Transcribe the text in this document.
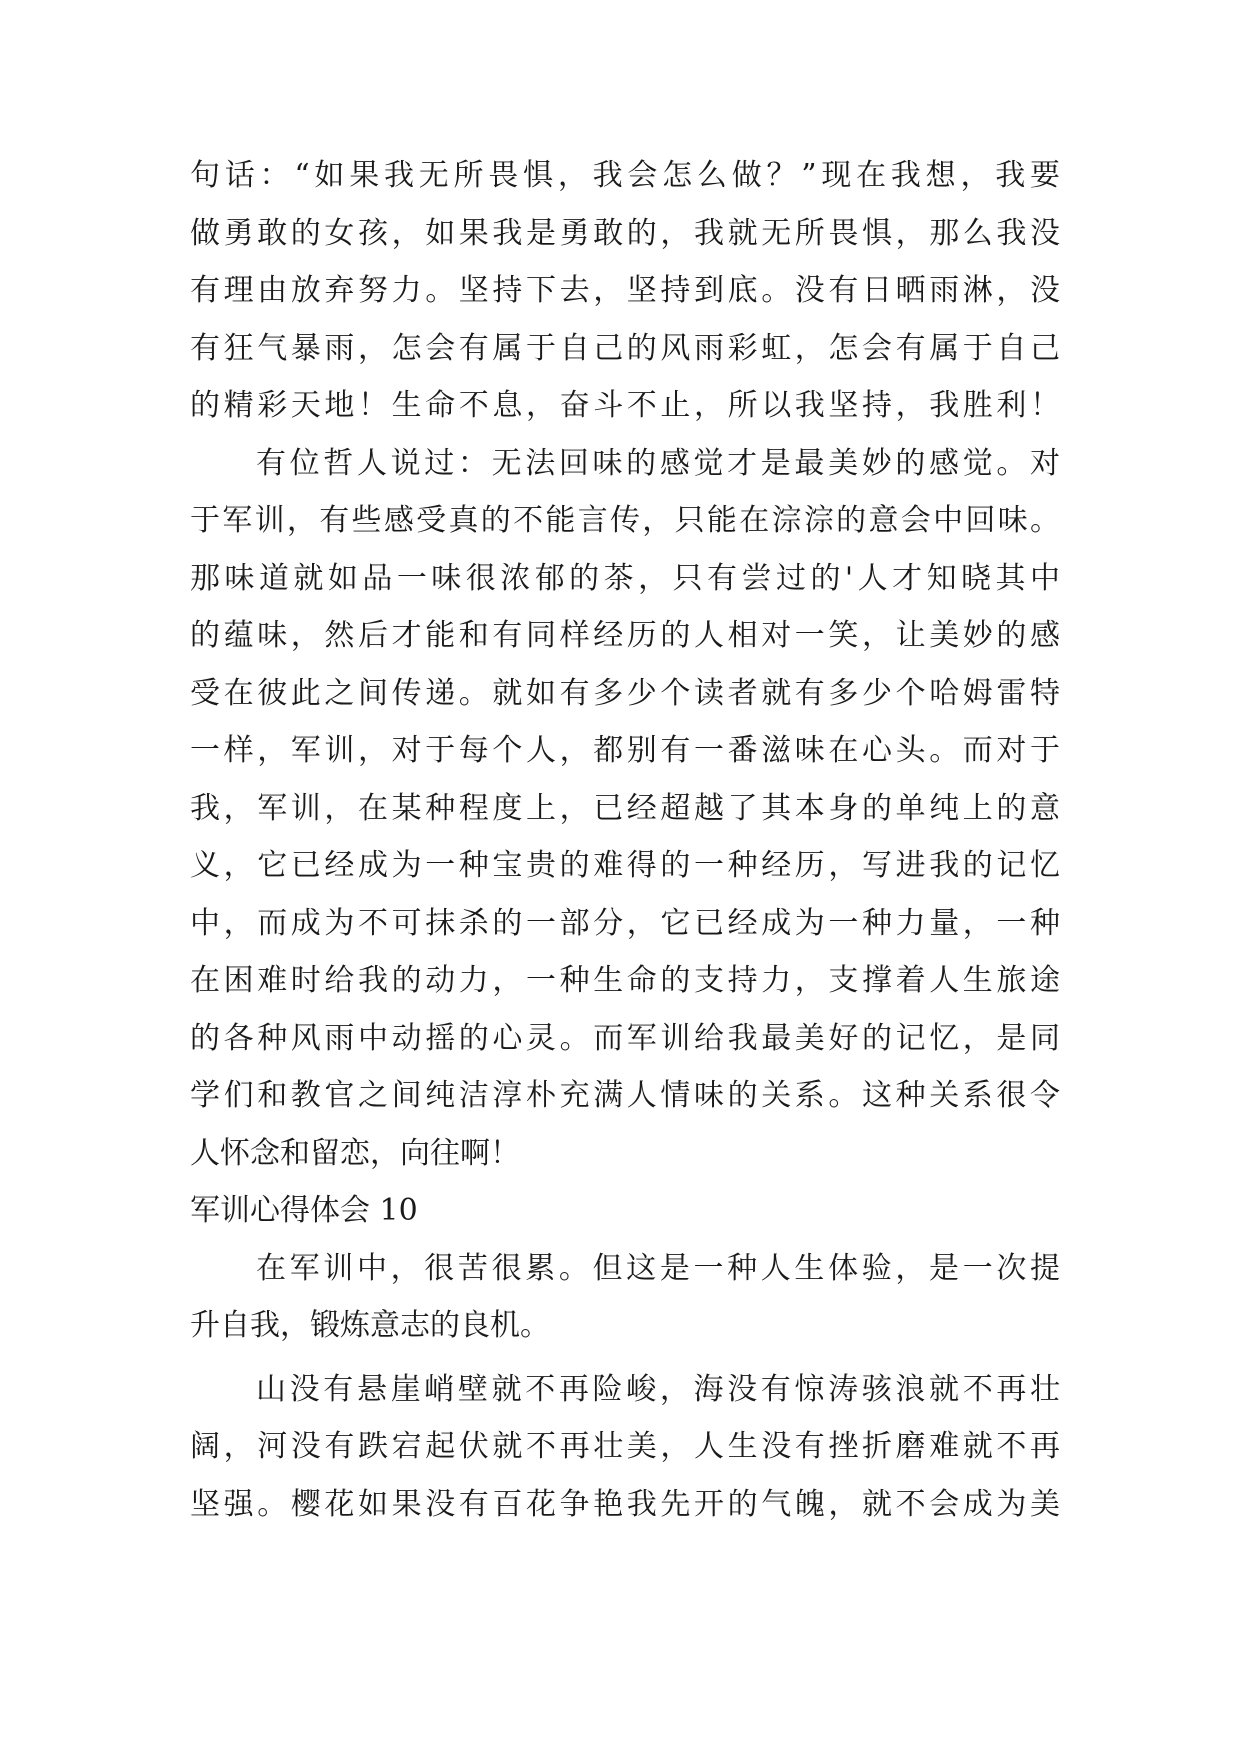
句话：“如果我无所畏惧，我会怎么做？”现在我想，我要
做勇敢的女孩，如果我是勇敢的，我就无所畏惧，那么我没
有理由放弃努力。坚持下去，坚持到底。没有日晒雨淋，没
有狂气暴雨，怎会有属于自己的风雨彩虹，怎会有属于自己
的精彩天地！生命不息，奋斗不止，所以我坚持，我胜利！
有位哲人说过：无法回味的感觉才是最美妙的感觉。对
于军训，有些感受真的不能言传，只能在淙淙的意会中回味。
那味道就如品一味很浓郁的茶，只有尝过的'人才知晓其中
的蕴味，然后才能和有同样经历的人相对一笑，让美妙的感
受在彼此之间传递。就如有多少个读者就有多少个哈姆雷特
一样，军训，对于每个人，都别有一番滋味在心头。而对于
我，军训，在某种程度上，已经超越了其本身的单纯上的意
义，它已经成为一种宝贵的难得的一种经历，写进我的记忆
中，而成为不可抹杀的一部分，它已经成为一种力量，一种
在困难时给我的动力，一种生命的支持力，支撑着人生旅途
的各种风雨中动摇的心灵。而军训给我最美好的记忆，是同
学们和教官之间纯洁淳朴充满人情味的关系。这种关系很令
人怀念和留恋，向往啊！
军训心得体会 10
在军训中，很苦很累。但这是一种人生体验，是一次提
升自我，锻炼意志的良机。
山没有悬崖峭壁就不再险峻，海没有惊涛骇浪就不再壮
阔，河没有跌宕起伏就不再壮美，人生没有挫折磨难就不再
坚强。樱花如果没有百花争艳我先开的气魄，就不会成为美
